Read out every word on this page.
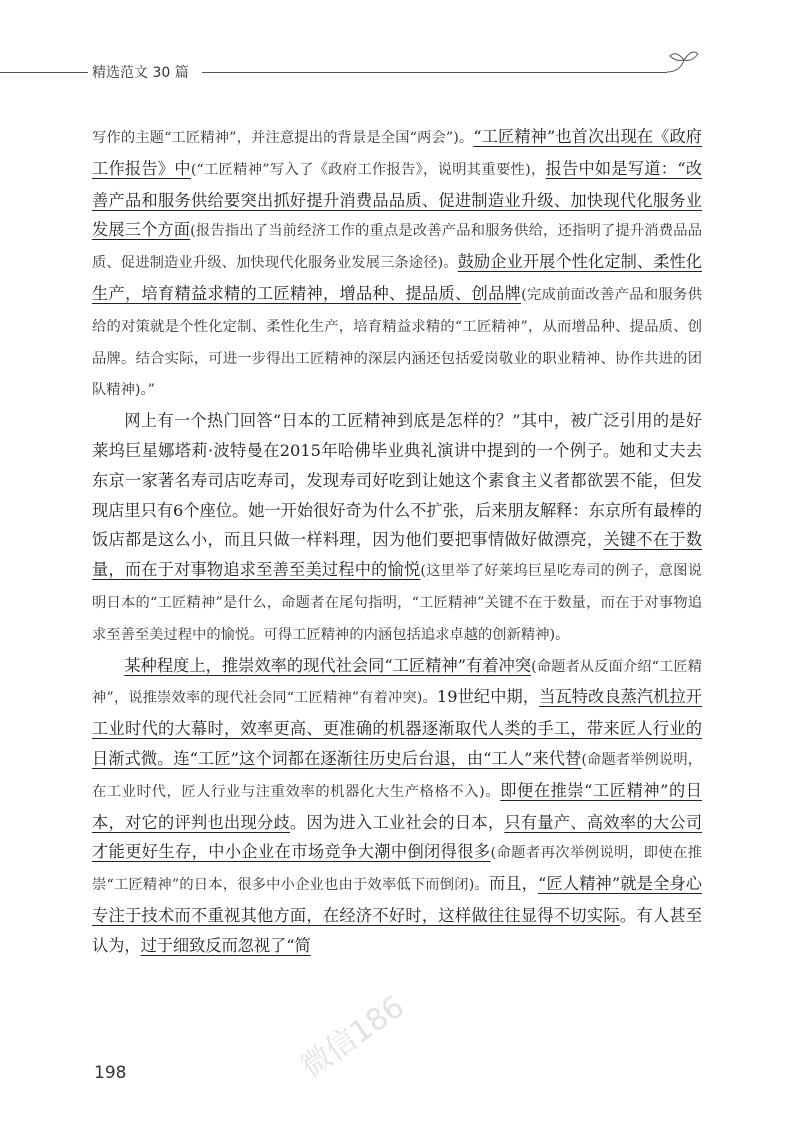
精选范文 30 篇

写作的主题“工匠精神”，并注意提出的背景是全国“两会”)。“工匠精神”也首次出现在《政府工作报告》中(“工匠精神”写入了《政府工作报告》，说明其重要性)，报告中如是写道：“改善产品和服务供给要突出抓好提升消费品品质、促进制造业升级、加快现代化服务业发展三个方面(报告指出了当前经济工作的重点是改善产品和服务供给，还指明了提升消费品品质、促进制造业升级、加快现代化服务业发展三条途径)。鼓励企业开展个性化定制、柔性化生产，培育精益求精的工匠精神，增品种、提品质、创品牌(完成前面改善产品和服务供给的对策就是个性化定制、柔性化生产，培育精益求精的“工匠精神”，从而增品种、提品质、创品牌。结合实际，可进一步得出工匠精神的深层内涵还包括爱岗敬业的职业精神、协作共进的团队精神)。”

网上有一个热门回答“日本的工匠精神到底是怎样的？”其中，被广泛引用的是好莱坞巨星娜塔莉·波特曼在2015年哈佛毕业典礼演讲中提到的一个例子。她和丈夫去东京一家著名寿司店吃寿司，发现寿司好吃到让她这个素食主义者都欲罢不能，但发现店里只有6个座位。她一开始很好奇为什么不扩张，后来朋友解释：东京所有最棒的饭店都是这么小，而且只做一样料理，因为他们要把事情做好做漂亮，关键不在于数量，而在于对事物追求至善至美过程中的愉悦(这里举了好莱坞巨星吃寿司的例子，意图说明日本的“工匠精神”是什么，命题者在尾句指明，“工匠精神”关键不在于数量，而在于对事物追求至善至美过程中的愉悦。可得工匠精神的内涵包括追求卓越的创新精神)。

某种程度上，推崇效率的现代社会同“工匠精神”有着冲突(命题者从反面介绍“工匠精神”，说推崇效率的现代社会同“工匠精神”有着冲突)。19世纪中期，当瓦特改良蒸汽机拉开工业时代的大幕时，效率更高、更准确的机器逐渐取代人类的手工，带来匠人行业的日渐式微。连“工匠”这个词都在逐渐往历史后台退，由“工人”来代替(命题者举例说明，在工业时代，匠人行业与注重效率的机器化大生产格格不入)。即便在推崇“工匠精神”的日本，对它的评判也出现分歧。因为进入工业社会的日本，只有量产、高效率的大公司才能更好生存，中小企业在市场竞争大潮中倒闭得很多(命题者再次举例说明，即使在推崇“工匠精神”的日本，很多中小企业也由于效率低下而倒闭)。而且，“匠人精神”就是全身心专注于技术而不重视其他方面，在经济不好时，这样做往往显得不切实际。有人甚至认为，过于细致反而忽视了“简

198	微信186
